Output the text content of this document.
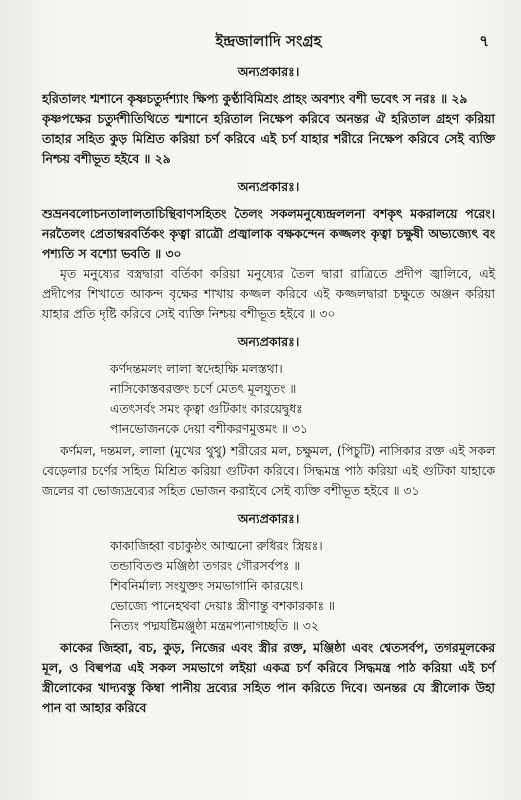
ইন্দ্রজালাদি সংগ্রহ	৭
অন্যপ্রকারঃ।

হরিতালং শ্মশানে কৃষ্ণচতুর্দশ্যাং ক্ষিপ্য কুর্ণ্ঠাবিমিশ্রং প্রাহং অবশ্যং বশী ভবেৎ স নরঃ ॥ ২৯

কৃষ্ণপক্ষের চতুর্দশীতিথিতে শ্মশানে হরিতাল নিক্ষেপ করিবে অনন্তর ঐ হরিতাল গ্রহণ করিয়া তাহার সহিত কুড় মিশ্রিত করিয়া চর্ণ করিবে এই চর্ণ যাহার শরীরে নিক্ষেপ করিবে সেই ব্যক্তি নিশ্চয় বশীভূত হইবে ॥ ২৯

অন্যপ্রকারঃ।

শুভ্রনবলোচনতালালতাচিন্থিবাণসহিতং তৈলং সকলমনুষ্যেন্দ্রললনা বশকৃৎ মকরালয়ে পরেং। নরতৈলং প্রেতাম্বরবর্তিকং কৃত্বা রাত্রৌ প্রজ্বালাক বক্ষকন্দেন কজ্জলং কৃত্বা চক্ষুষী অভ্যজ্যেৎ বং পশ্যতি স বশ্যো ভবতি ॥ ৩০

মৃত মনুষ্যের বস্ত্রদ্বারা বর্তিকা করিয়া মনুষ্যের তৈল দ্বারা রাত্রিতে প্রদীপ জ্বালিবে, এই প্রদীপের শিখাতে আকন্দ বৃক্ষের শাখায় কজ্জল করিবে এই কজ্জলদ্বারা চক্ষুতে অঞ্জন করিয়া যাহার প্রতি দৃষ্টি করিবে সেই ব্যক্তি নিশ্চয় বশীভূত হইবে ॥ ৩০

অন্যপ্রকারঃ।
কর্ণদন্তমলং লালা স্বদেহাক্ষি মলস্তথা।
নাসিকোস্তবরক্তং চর্ণে মেতৎ মূলযুতং ॥
এতৎসর্বং সমং কৃত্বা গুটিকাং কারয়েদ্বুধঃ
পানভোজনকে দেয়া বশীকরণমুত্তমং ॥ ৩১

কর্ণমল, দন্তমল, লালা (মুখের থুথু) শরীরের মল, চক্ষুমল, (পিচুটি) নাসিকার রক্ত এই সকল বেড়েলার চর্ণের সহিত মিশ্রিত করিয়া গুটিকা করিবে। সিদ্ধমন্ত্র পাঠ করিয়া এই গুটিকা যাহাকে জলের বা ভোজ্যদ্রব্যের সহিত ভোজন করাইবে সেই ব্যক্তি বশীভূত হইবে ॥ ৩১

অন্যপ্রকারঃ।
কাকাজিহ্বা বচাকুষ্ঠং আত্মনো রুধিরং স্ত্রিয়ঃ।
তন্ডাবিতণ্ড মঞ্জিষ্ঠা তগরং গৌরসর্বপঃ ॥
শিবনির্মাল্য সংযুক্তং সমভাগানি কারয়েৎ।
ভোজ্যে পানেহথবা দেয়াঃ স্ত্রীণান্তু বশকারকাঃ ॥
নিত্যং পদ্মযষ্টিমঞ্জুষ্ঠা মন্ত্রমপ্যনাগচ্ছতি ॥ ৩২

কাকের জিহ্বা, বচ, কুড়, নিজের এবং স্ত্রীর রক্ত, মঞ্জিষ্ঠা এবং শ্বেতসর্বপ, তগরমূলকের মূল, ও বিল্বপত্র এই সকল সমভাগে লইয়া একত্র চর্ণ করিবে সিদ্ধমন্ত্র পাঠ করিয়া এই চর্ণ স্ত্রীলোকের খাদ্যবস্তু কিম্বা পানীয় দ্রব্যের সহিত পান করিতে দিবে। অনন্তর যে স্ত্রীলোক উহা পান বা আহার করিবে
